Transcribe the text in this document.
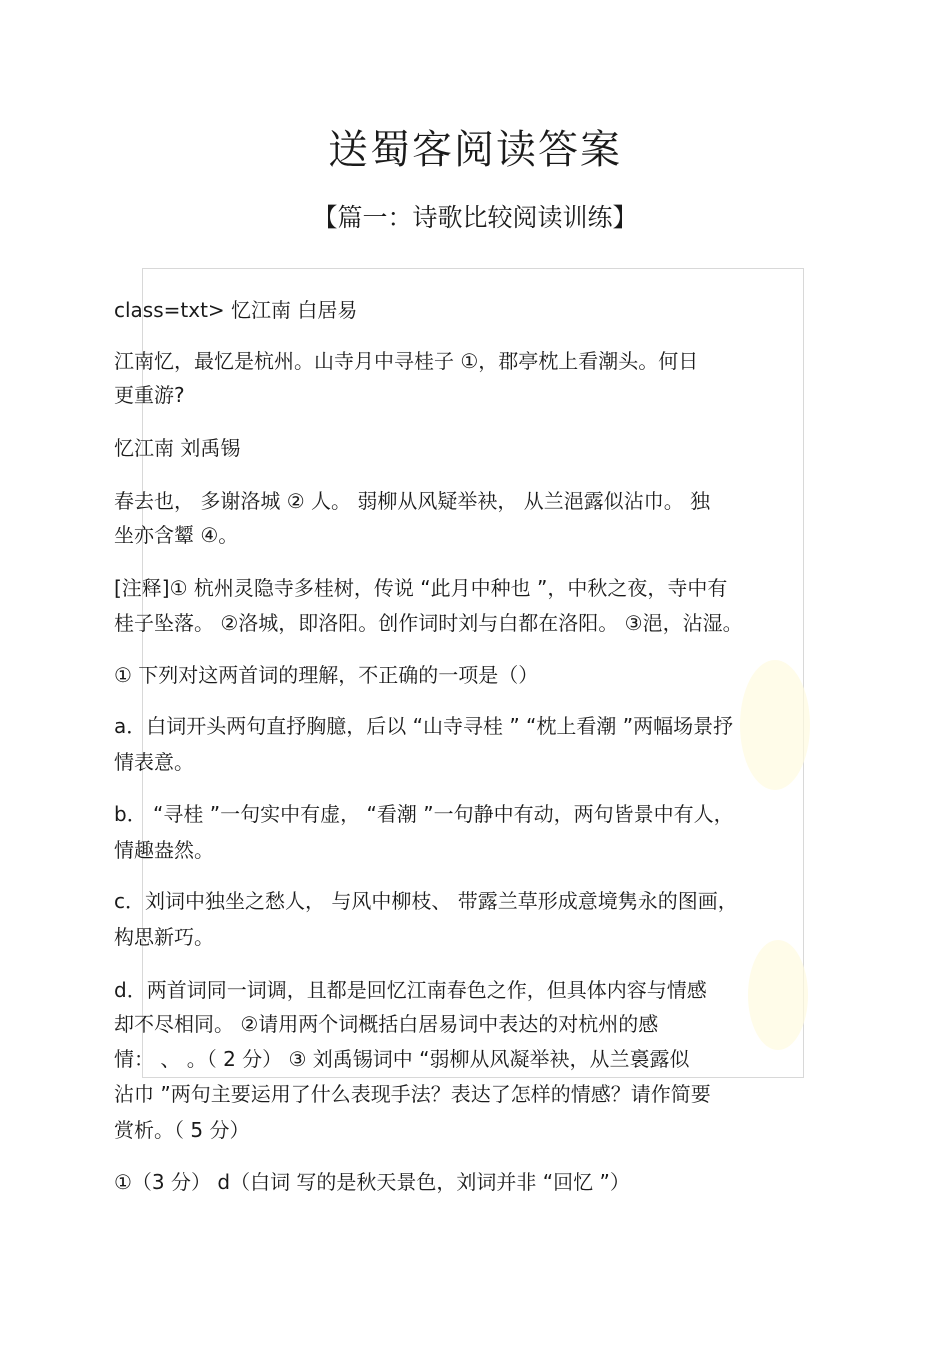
送蜀客阅读答案
【篇一：诗歌比较阅读训练】
class=txt> 忆江南 白居易
江南忆，最忆是杭州。山寺月中寻桂子 ①，郡亭枕上看潮头。何日
更重游?
忆江南 刘禹锡
春去也， 多谢洛城 ② 人。 弱柳从风疑举袂， 从兰浥露似沾巾。 独
坐亦含颦 ④。
[注释]① 杭州灵隐寺多桂树，传说 “此月中种也 ”，中秋之夜，寺中有
桂子坠落。 ②洛城，即洛阳。创作词时刘与白都在洛阳。 ③浥，沾湿。
① 下列对这两首词的理解，不正确的一项是（）
a．白词开头两句直抒胸臆，后以 “山寺寻桂 ” “枕上看潮 ”两幅场景抒
情表意。
b． “寻桂 ”一句实中有虚， “看潮 ”一句静中有动，两句皆景中有人，
情趣盎然。
c．刘词中独坐之愁人， 与风中柳枝、 带露兰草形成意境隽永的图画，
构思新巧。
d．两首词同一词调，且都是回忆江南春色之作，但具体内容与情感
却不尽相同。 ②请用两个词概括白居易词中表达的对杭州的感
情： 、 。（ 2 分） ③ 刘禹锡词中 “弱柳从风凝举袂，从兰裛露似
沾巾 ”两句主要运用了什么表现手法？表达了怎样的情感？请作简要
赏析。（ 5 分）
①（3 分） d（白词 写的是秋天景色，刘词并非 “回忆 ”）
